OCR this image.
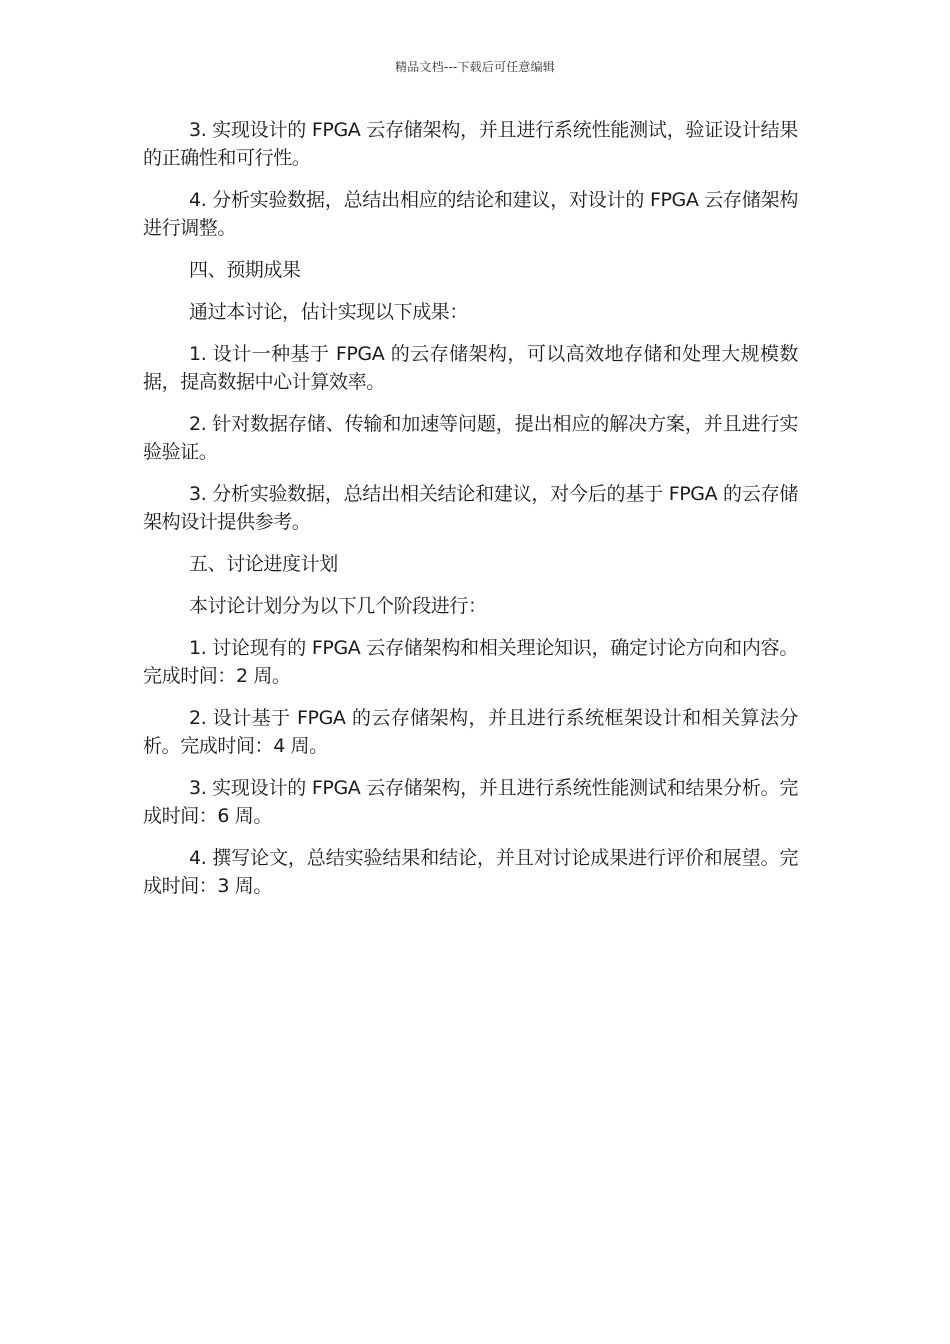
精品文档---下载后可任意编辑

3. 实现设计的 FPGA 云存储架构，并且进行系统性能测试，验证设计结果的正确性和可行性。

4. 分析实验数据，总结出相应的结论和建议，对设计的 FPGA 云存储架构进行调整。

四、预期成果

通过本讨论，估计实现以下成果：

1. 设计一种基于 FPGA 的云存储架构，可以高效地存储和处理大规模数据，提高数据中心计算效率。

2. 针对数据存储、传输和加速等问题，提出相应的解决方案，并且进行实验验证。

3. 分析实验数据，总结出相关结论和建议，对今后的基于 FPGA 的云存储架构设计提供参考。

五、讨论进度计划

本讨论计划分为以下几个阶段进行：

1. 讨论现有的 FPGA 云存储架构和相关理论知识，确定讨论方向和内容。完成时间：2 周。

2. 设计基于 FPGA 的云存储架构，并且进行系统框架设计和相关算法分析。完成时间：4 周。

3. 实现设计的 FPGA 云存储架构，并且进行系统性能测试和结果分析。完成时间：6 周。

4. 撰写论文，总结实验结果和结论，并且对讨论成果进行评价和展望。完成时间：3 周。
